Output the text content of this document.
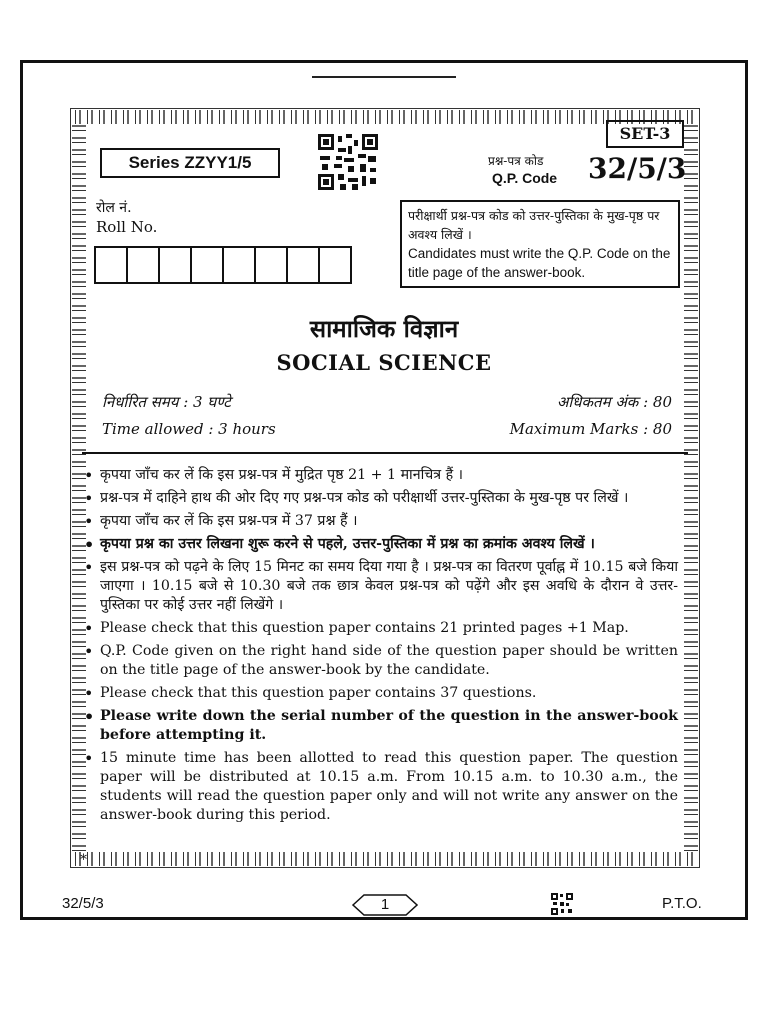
SET-3
Series ZZYY1/5	प्रश्न-पत्र कोड
Q.P. Code 32/5/3
रोल नं.
Roll No.
परीक्षार्थी प्रश्न-पत्र कोड को उत्तर-पुस्तिका के मुख-पृष्ठ पर अवश्य लिखें ।
Candidates must write the Q.P. Code on the title page of the answer-book.
सामाजिक विज्ञान
SOCIAL SCIENCE
निर्धारित समय : 3 घण्टे	अधिकतम अंक : 80
Time allowed : 3 hours	Maximum Marks : 80
• कृपया जाँच कर लें कि इस प्रश्न-पत्र में मुद्रित पृष्ठ 21 + 1 मानचित्र हैं ।
• प्रश्न-पत्र में दाहिने हाथ की ओर दिए गए प्रश्न-पत्र कोड को परीक्षार्थी उत्तर-पुस्तिका के मुख-पृष्ठ पर लिखें ।
• कृपया जाँच कर लें कि इस प्रश्न-पत्र में 37 प्रश्न हैं ।
• कृपया प्रश्न का उत्तर लिखना शुरू करने से पहले, उत्तर-पुस्तिका में प्रश्न का क्रमांक अवश्य लिखें ।
• इस प्रश्न-पत्र को पढ़ने के लिए 15 मिनट का समय दिया गया है । प्रश्न-पत्र का वितरण पूर्वाह्न में 10.15 बजे किया जाएगा । 10.15 बजे से 10.30 बजे तक छात्र केवल प्रश्न-पत्र को पढ़ेंगे और इस अवधि के दौरान वे उत्तर-पुस्तिका पर कोई उत्तर नहीं लिखेंगे ।
• Please check that this question paper contains 21 printed pages +1 Map.
• Q.P. Code given on the right hand side of the question paper should be written on the title page of the answer-book by the candidate.
• Please check that this question paper contains 37 questions.
• Please write down the serial number of the question in the answer-book before attempting it.
• 15 minute time has been allotted to read this question paper. The question paper will be distributed at 10.15 a.m. From 10.15 a.m. to 10.30 a.m., the students will read the question paper only and will not write any answer on the answer-book during this period.
*
32/5/3	1	P.T.O.
